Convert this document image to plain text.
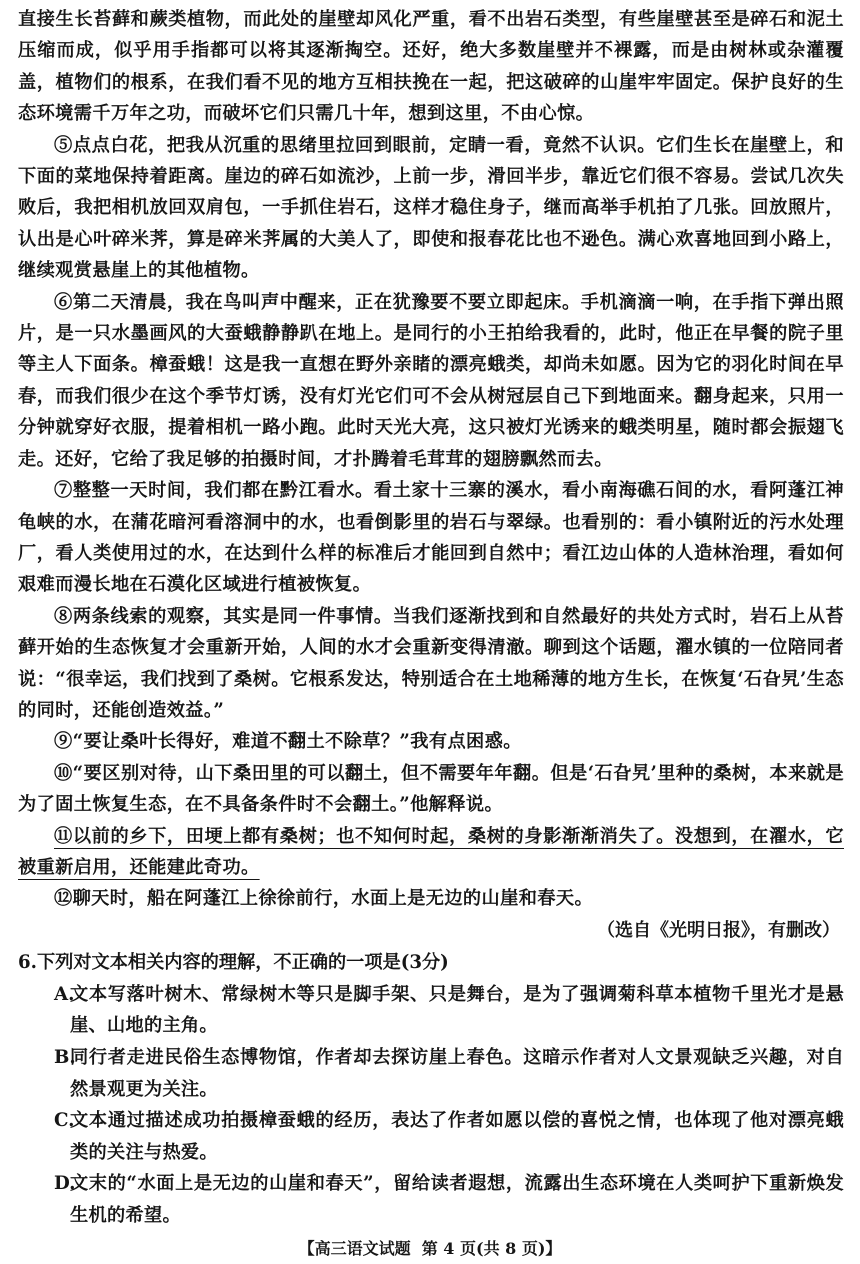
直接生长苔藓和蕨类植物，而此处的崖壁却风化严重，看不出岩石类型，有些崖壁甚至是碎石和泥土压缩而成，似乎用手指都可以将其逐渐掏空。还好，绝大多数崖壁并不裸露，而是由树林或杂灌覆盖，植物们的根系，在我们看不见的地方互相扶挽在一起，把这破碎的山崖牢牢固定。保护良好的生态环境需千万年之功，而破坏它们只需几十年，想到这里，不由心惊。

⑤点点白花，把我从沉重的思绪里拉回到眼前，定睛一看，竟然不认识。它们生长在崖壁上，和下面的菜地保持着距离。崖边的碎石如流沙，上前一步，滑回半步，靠近它们很不容易。尝试几次失败后，我把相机放回双肩包，一手抓住岩石，这样才稳住身子，继而高举手机拍了几张。回放照片，认出是心叶碎米荠，算是碎米荠属的大美人了，即使和报春花比也不逊色。满心欢喜地回到小路上，继续观赏悬崖上的其他植物。

⑥第二天清晨，我在鸟叫声中醒来，正在犹豫要不要立即起床。手机滴滴一响，在手指下弹出照片，是一只水墨画风的大蚕蛾静静趴在地上。是同行的小王拍给我看的，此时，他正在早餐的院子里等主人下面条。樟蚕蛾！这是我一直想在野外亲睹的漂亮蛾类，却尚未如愿。因为它的羽化时间在早春，而我们很少在这个季节灯诱，没有灯光它们可不会从树冠层自己下到地面来。翻身起来，只用一分钟就穿好衣服，提着相机一路小跑。此时天光大亮，这只被灯光诱来的蛾类明星，随时都会振翅飞走。还好，它给了我足够的拍摄时间，才扑腾着毛茸茸的翅膀飘然而去。

⑦整整一天时间，我们都在黔江看水。看土家十三寨的溪水，看小南海礁石间的水，看阿蓬江神龟峡的水，在蒲花暗河看溶洞中的水，也看倒影里的岩石与翠绿。也看别的：看小镇附近的污水处理厂，看人类使用过的水，在达到什么样的标准后才能回到自然中；看江边山体的人造林治理，看如何艰难而漫长地在石漠化区域进行植被恢复。

⑧两条线索的观察，其实是同一件事情。当我们逐渐找到和自然最好的共处方式时，岩石上从苔藓开始的生态恢复才会重新开始，人间的水才会重新变得清澈。聊到这个话题，濯水镇的一位陪同者说：“很幸运，我们找到了桑树。它根系发达，特别适合在土地稀薄的地方生长，在恢复‘石旮旯’生态的同时，还能创造效益。”

⑨“要让桑叶长得好，难道不翻土不除草？”我有点困惑。

⑩“要区别对待，山下桑田里的可以翻土，但不需要年年翻。但是‘石旮旯’里种的桑树，本来就是为了固土恢复生态，在不具备条件时不会翻土。”他解释说。

⑪以前的乡下，田埂上都有桑树；也不知何时起，桑树的身影渐渐消失了。没想到，在濯水，它被重新启用，还能建此奇功。

⑫聊天时，船在阿蓬江上徐徐前行，水面上是无边的山崖和春天。

（选自《光明日报》，有删改）

6.下列对文本相关内容的理解，不正确的一项是(3分)

A.
文本写落叶树木、常绿树木等只是脚手架、只是舞台，是为了强调菊科草本植物千里光才是悬崖、山地的主角。
B.
同行者走进民俗生态博物馆，作者却去探访崖上春色。这暗示作者对人文景观缺乏兴趣，对自然景观更为关注。
C.
文本通过描述成功拍摄樟蚕蛾的经历，表达了作者如愿以偿的喜悦之情，也体现了他对漂亮蛾类的关注与热爱。
D.
文末的“水面上是无边的山崖和春天”，留给读者遐想，流露出生态环境在人类呵护下重新焕发生机的希望。
【高三语文试题 第 4 页(共 8 页)】
